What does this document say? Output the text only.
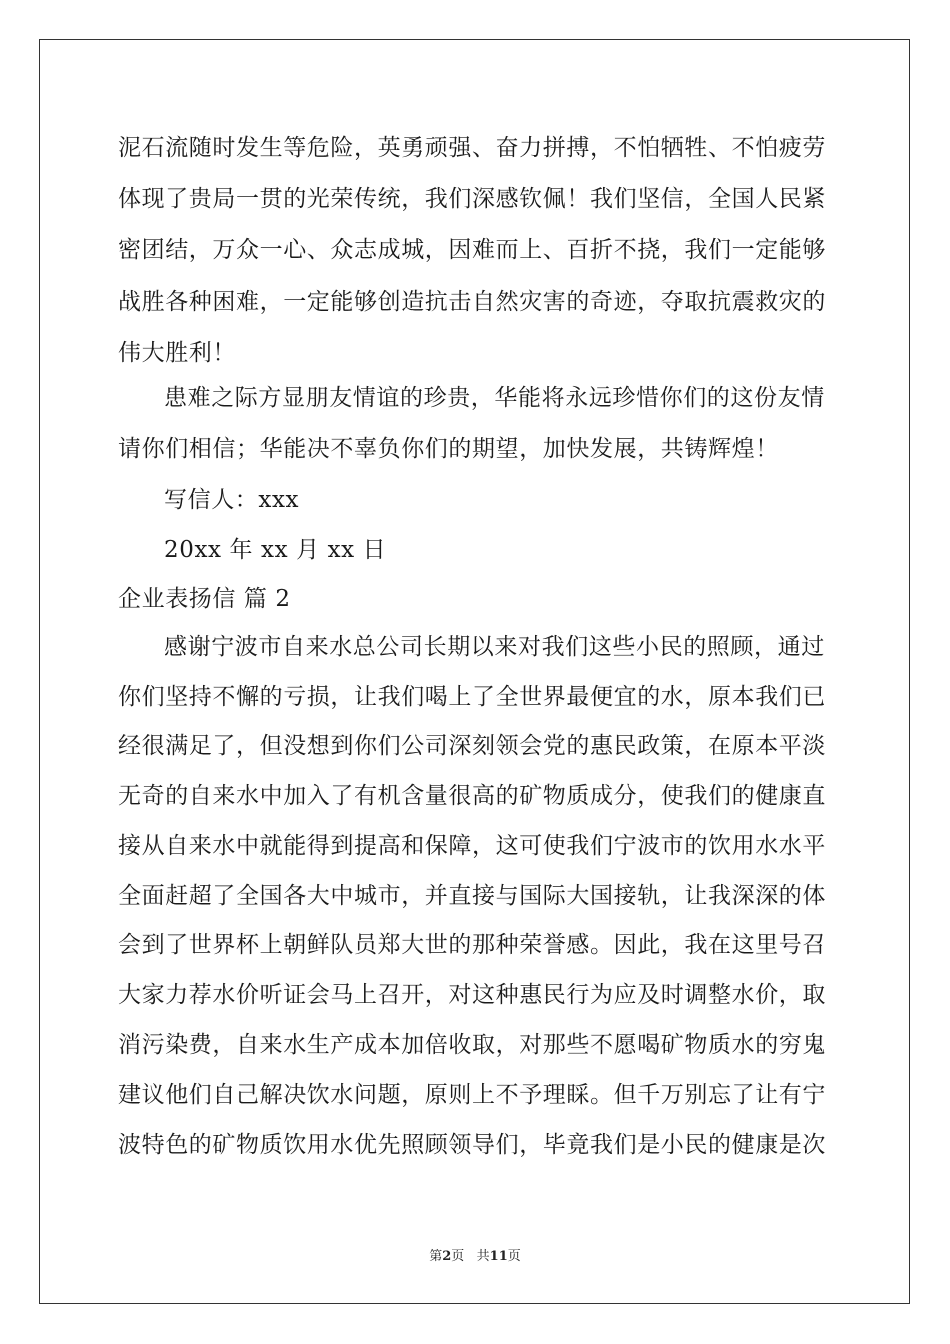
泥石流随时发生等危险，英勇顽强、奋力拼搏，不怕牺牲、不怕疲劳
体现了贵局一贯的光荣传统，我们深感钦佩！我们坚信，全国人民紧
密团结，万众一心、众志成城，因难而上、百折不挠，我们一定能够
战胜各种困难，一定能够创造抗击自然灾害的奇迹，夺取抗震救灾的
伟大胜利！
患难之际方显朋友情谊的珍贵，华能将永远珍惜你们的这份友情
请你们相信；华能决不辜负你们的期望，加快发展，共铸辉煌！
写信人：xxx
20xx 年 xx 月 xx 日
企业表扬信 篇 2
感谢宁波市自来水总公司长期以来对我们这些小民的照顾，通过
你们坚持不懈的亏损，让我们喝上了全世界最便宜的水，原本我们已
经很满足了，但没想到你们公司深刻领会党的惠民政策，在原本平淡
无奇的自来水中加入了有机含量很高的矿物质成分，使我们的健康直
接从自来水中就能得到提高和保障，这可使我们宁波市的饮用水水平
全面赶超了全国各大中城市，并直接与国际大国接轨，让我深深的体
会到了世界杯上朝鲜队员郑大世的那种荣誉感。因此，我在这里号召
大家力荐水价听证会马上召开，对这种惠民行为应及时调整水价，取
消污染费，自来水生产成本加倍收取，对那些不愿喝矿物质水的穷鬼
建议他们自己解决饮水问题，原则上不予理睬。但千万别忘了让有宁
波特色的矿物质饮用水优先照顾领导们，毕竟我们是小民的健康是次
第2页   共11页
